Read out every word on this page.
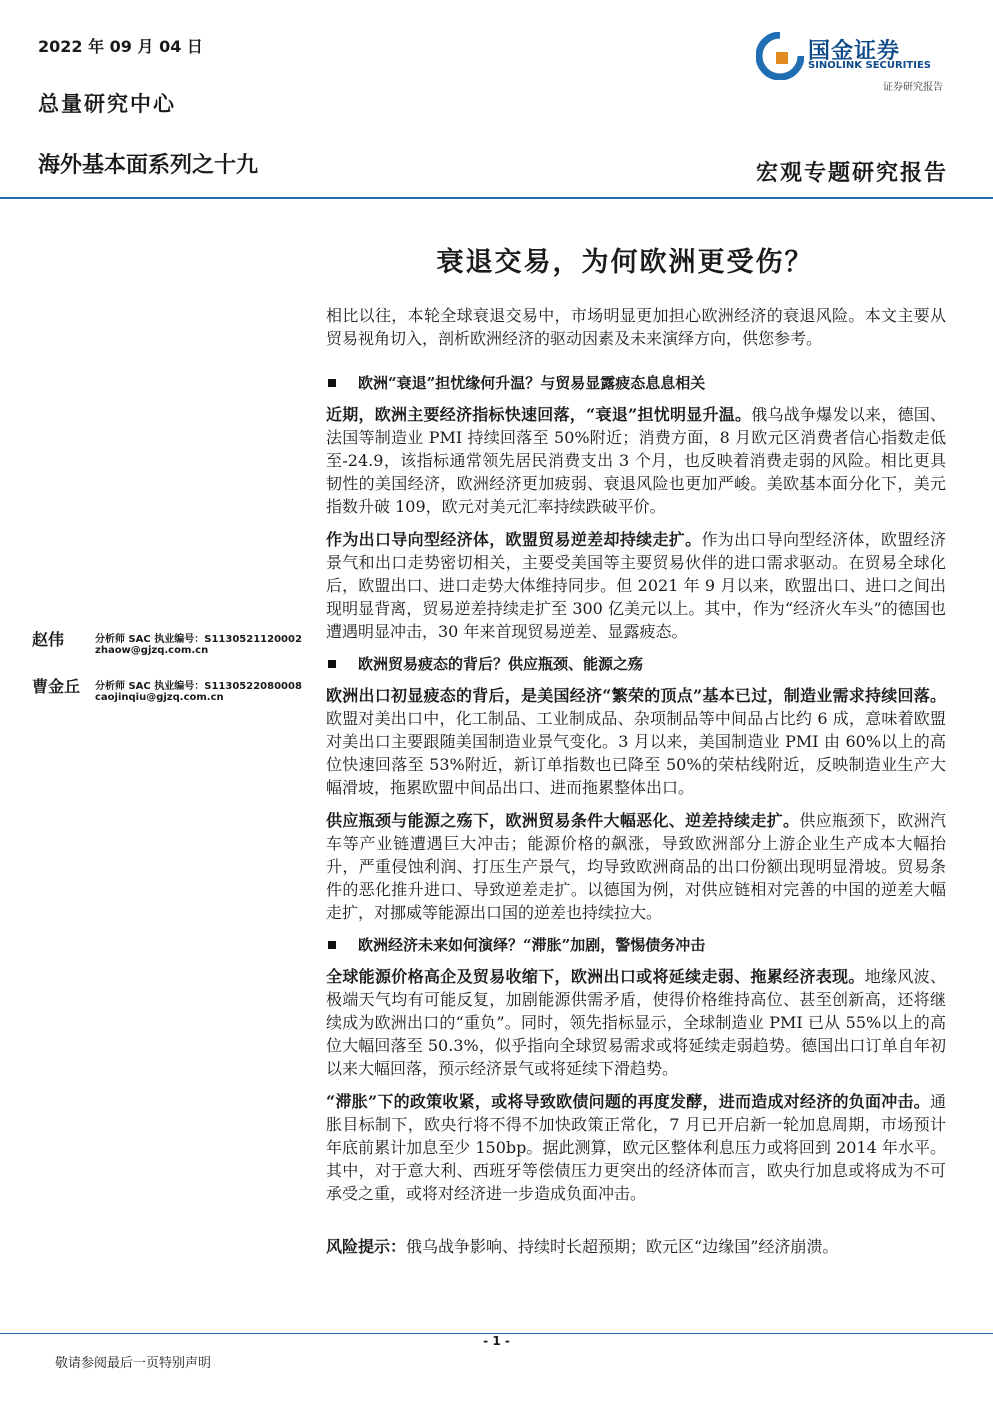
2022 年 09 月 04 日
总量研究中心
海外基本面系列之十九	宏观专题研究报告
国金证券
SINOLINK SECURITIES
证券研究报告
衰退交易，为何欧洲更受伤？
赵伟	分析师 SAC 执业编号：S1130521120002
zhaow@gjzq.com.cn
曹金丘	分析师 SAC 执业编号：S1130522080008
caojinqiu@gjzq.com.cn

相比以往，本轮全球衰退交易中，市场明显更加担心欧洲经济的衰退风险。本文主要从贸易视角切入，剖析欧洲经济的驱动因素及未来演绎方向，供您参考。

欧洲“衰退”担忧缘何升温？与贸易显露疲态息息相关

近期，欧洲主要经济指标快速回落，“衰退”担忧明显升温。俄乌战争爆发以来，德国、法国等制造业 PMI 持续回落至 50%附近；消费方面，8 月欧元区消费者信心指数走低至-24.9，该指标通常领先居民消费支出 3 个月，也反映着消费走弱的风险。相比更具韧性的美国经济，欧洲经济更加疲弱、衰退风险也更加严峻。美欧基本面分化下，美元指数升破 109，欧元对美元汇率持续跌破平价。

作为出口导向型经济体，欧盟贸易逆差却持续走扩。作为出口导向型经济体，欧盟经济景气和出口走势密切相关，主要受美国等主要贸易伙伴的进口需求驱动。在贸易全球化后，欧盟出口、进口走势大体维持同步。但 2021 年 9 月以来，欧盟出口、进口之间出现明显背离，贸易逆差持续走扩至 300 亿美元以上。其中，作为“经济火车头”的德国也遭遇明显冲击，30 年来首现贸易逆差、显露疲态。

欧洲贸易疲态的背后？供应瓶颈、能源之殇

欧洲出口初显疲态的背后，是美国经济“繁荣的顶点”基本已过，制造业需求持续回落。欧盟对美出口中，化工制品、工业制成品、杂项制品等中间品占比约 6 成，意味着欧盟对美出口主要跟随美国制造业景气变化。3 月以来，美国制造业 PMI 由 60%以上的高位快速回落至 53%附近，新订单指数也已降至 50%的荣枯线附近，反映制造业生产大幅滑坡，拖累欧盟中间品出口、进而拖累整体出口。

供应瓶颈与能源之殇下，欧洲贸易条件大幅恶化、逆差持续走扩。供应瓶颈下，欧洲汽车等产业链遭遇巨大冲击；能源价格的飙涨，导致欧洲部分上游企业生产成本大幅抬升，严重侵蚀利润、打压生产景气，均导致欧洲商品的出口份额出现明显滑坡。贸易条件的恶化推升进口、导致逆差走扩。以德国为例，对供应链相对完善的中国的逆差大幅走扩，对挪威等能源出口国的逆差也持续拉大。

欧洲经济未来如何演绎？“滞胀”加剧，警惕债务冲击

全球能源价格高企及贸易收缩下，欧洲出口或将延续走弱、拖累经济表现。地缘风波、极端天气均有可能反复，加剧能源供需矛盾，使得价格维持高位、甚至创新高，还将继续成为欧洲出口的“重负”。同时，领先指标显示，全球制造业 PMI 已从 55%以上的高位大幅回落至 50.3%，似乎指向全球贸易需求或将延续走弱趋势。德国出口订单自年初以来大幅回落，预示经济景气或将延续下滑趋势。

“滞胀”下的政策收紧，或将导致欧债问题的再度发酵，进而造成对经济的负面冲击。通胀目标制下，欧央行将不得不加快政策正常化，7 月已开启新一轮加息周期，市场预计年底前累计加息至少 150bp。据此测算，欧元区整体利息压力或将回到 2014 年水平。其中，对于意大利、西班牙等偿债压力更突出的经济体而言，欧央行加息或将成为不可承受之重，或将对经济进一步造成负面冲击。

风险提示：俄乌战争影响、持续时长超预期；欧元区“边缘国”经济崩溃。

- 1 -
敬请参阅最后一页特别声明
